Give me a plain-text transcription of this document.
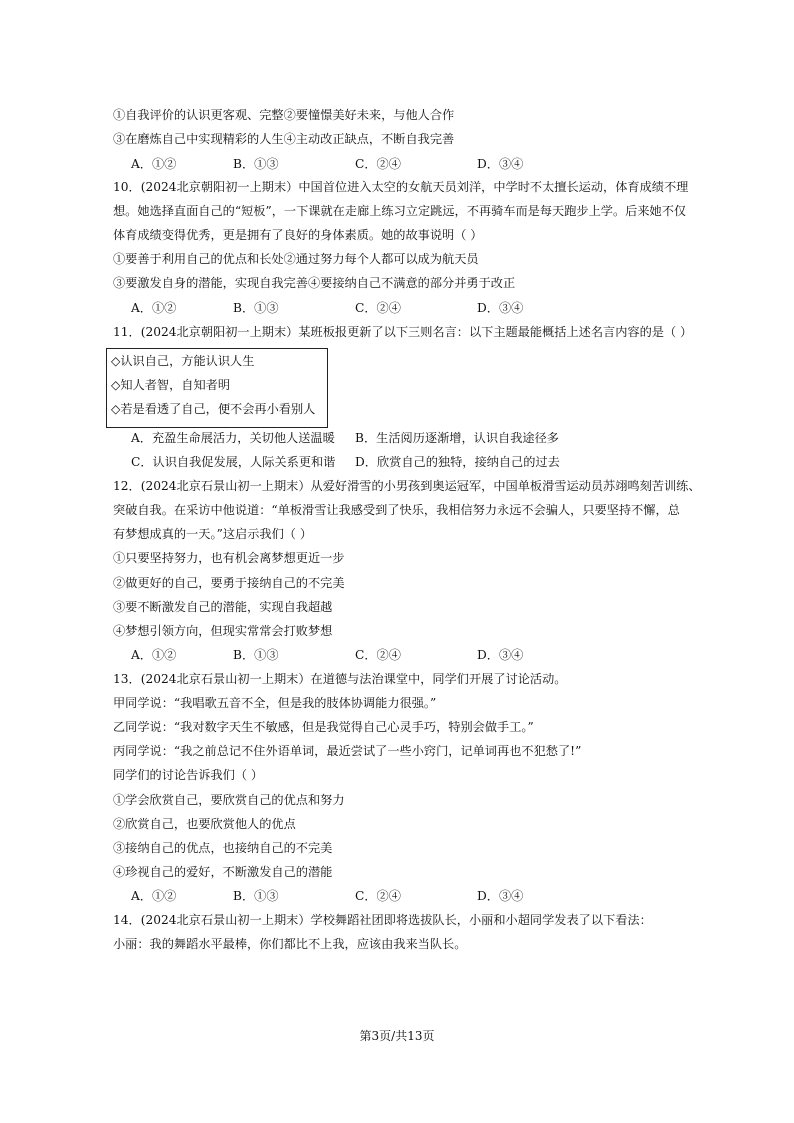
①自我评价的认识更客观、完整②要憧憬美好未来，与他人合作
③在磨炼自己中实现精彩的人生④主动改正缺点，不断自我完善
A．①②	B．①③	C．②④	D．③④
10．(2024北京朝阳初一上期末）中国首位进入太空的女航天员刘洋，中学时不太擅长运动，体育成绩不理
想。她选择直面自己的“短板”，一下课就在走廊上练习立定跳远，不再骑车而是每天跑步上学。后来她不仅
体育成绩变得优秀，更是拥有了良好的身体素质。她的故事说明（ ）
①要善于利用自己的优点和长处②通过努力每个人都可以成为航天员
③要激发自身的潜能，实现自我完善④要接纳自己不满意的部分并勇于改正
A．①②	B．①③	C．②④	D．③④
11．(2024北京朝阳初一上期末）某班板报更新了以下三则名言：以下主题最能概括上述名言内容的是（ ）
◇认识自己，方能认识人生
◇知人者智，自知者明
◇若是看透了自己，便不会再小看别人
A．充盈生命展活力，关切他人送温暖 B．生活阅历逐渐增，认识自我途径多
C．认识自我促发展，人际关系更和谐 D．欣赏自己的独特，接纳自己的过去
12．(2024北京石景山初一上期末）从爱好滑雪的小男孩到奥运冠军，中国单板滑雪运动员苏翊鸣刻苦训练、
突破自我。在采访中他说道：“单板滑雪让我感受到了快乐，我相信努力永远不会骗人，只要坚持不懈，总
有梦想成真的一天。”这启示我们（ ）
①只要坚持努力，也有机会离梦想更近一步
②做更好的自己，要勇于接纳自己的不完美
③要不断激发自己的潜能，实现自我超越
④梦想引领方向，但现实常常会打败梦想
A．①②	B．①③	C．②④	D．③④
13．(2024北京石景山初一上期末）在道德与法治课堂中，同学们开展了讨论活动。
甲同学说：“我唱歌五音不全，但是我的肢体协调能力很强。”
乙同学说：“我对数字天生不敏感，但是我觉得自己心灵手巧，特别会做手工。”
丙同学说：“我之前总记不住外语单词，最近尝试了一些小窍门，记单词再也不犯愁了!”
同学们的讨论告诉我们（ ）
①学会欣赏自己，要欣赏自己的优点和努力
②欣赏自己，也要欣赏他人的优点
③接纳自己的优点，也接纳自己的不完美
④珍视自己的爱好，不断激发自己的潜能
A．①②	B．①③	C．②④	D．③④
14．(2024北京石景山初一上期末）学校舞蹈社团即将选拔队长，小丽和小超同学发表了以下看法：
小丽：我的舞蹈水平最棒，你们都比不上我，应该由我来当队长。
第3页/共13页
